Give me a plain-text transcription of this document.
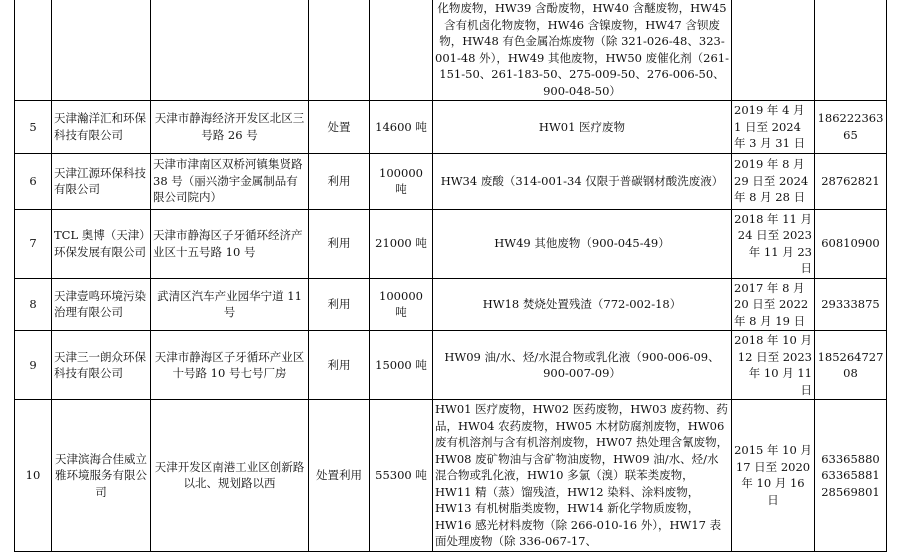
					化物废物，HW39 含酚废物，HW40 含醚废物，HW45 含有机卤化物废物，HW46 含镍废物，HW47 含钡废物，HW48 有色金属冶炼废物（除 321-026-48、323-001-48 外），HW49 其他废物，HW50 废催化剂（261-151-50、261-183-50、275-009-50、276-006-50、900-048-50）		
5	天津瀚洋汇和环保科技有限公司	天津市静海经济开发区北区三号路 26 号	处置	14600 吨	HW01 医疗废物	2019 年 4 月 1 日至 2024 年 3 月 31 日	18622236365
6	天津江源环保科技有限公司	天津市津南区双桥河镇集贤路 38 号（丽兴渤宇金属制品有限公司院内）	利用	100000 吨	HW34 废酸（314-001-34 仅限于普碳钢材酸洗废液）	2019 年 8 月 29 日至 2024 年 8 月 28 日	28762821
7	TCL 奥博（天津）环保发展有限公司	天津市静海区子牙循环经济产业区十五号路 10 号	利用	21000 吨	HW49 其他废物（900-045-49）	2018 年 11 月 24 日至 2023 年 11 月 23 日	60810900
8	天津壹鸣环境污染治理有限公司	武清区汽车产业园华宁道 11 号	利用	100000 吨	HW18 焚烧处置残渣（772-002-18）	2017 年 8 月 20 日至 2022 年 8 月 19 日	29333875
9	天津三一朗众环保科技有限公司	天津市静海区子牙循环产业区十号路 10 号七号厂房	利用	15000 吨	HW09 油/水、烃/水混合物或乳化液（900-006-09、900-007-09）	2018 年 10 月 12 日至 2023 年 10 月 11 日	18526472708
10	天津滨海合佳威立雅环境服务有限公司	天津开发区南港工业区创新路以北、规划路以西	处置利用	55300 吨	HW01 医疗废物，HW02 医药废物，HW03 废药物、药品，HW04 农药废物，HW05 木材防腐剂废物，HW06 废有机溶剂与含有机溶剂废物，HW07 热处理含氰废物，HW08 废矿物油与含矿物油废物，HW09 油/水、烃/水混合物或乳化液，HW10 多氯（溴）联苯类废物，HW11 精（蒸）馏残渣，HW12 染料、涂料废物，HW13 有机树脂类废物，HW14 新化学物质废物，HW16 感光材料废物（除 266-010-16 外），HW17 表面处理废物（除 336-067-17、	2015 年 10 月 17 日至 2020 年 10 月 16 日	63365880 63365881 28569801
